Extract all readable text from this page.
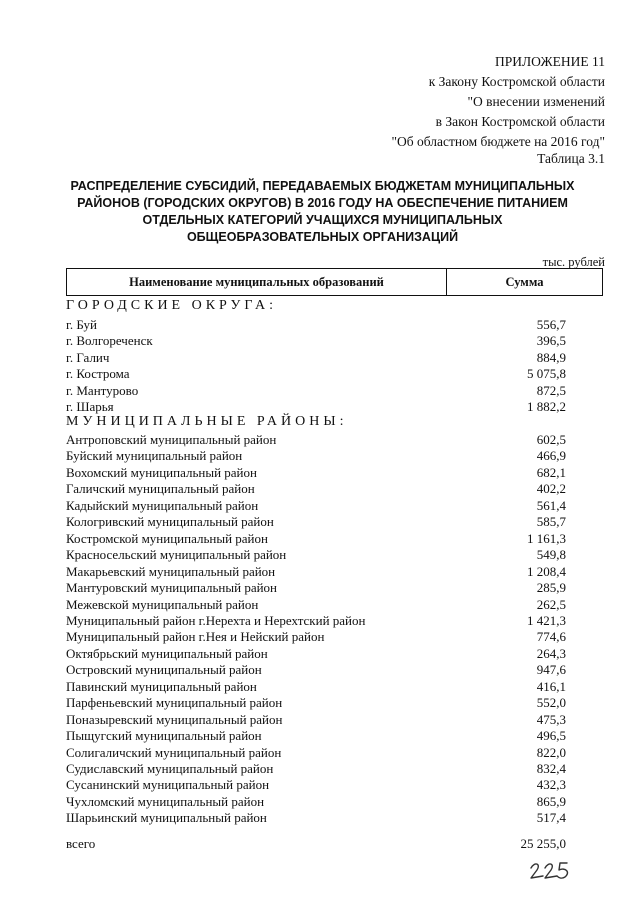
ПРИЛОЖЕНИЕ 11
к Закону Костромской области
"О внесении изменений
в Закон Костромской области
"Об областном бюджете на 2016 год"
Таблица 3.1
РАСПРЕДЕЛЕНИЕ СУБСИДИЙ, ПЕРЕДАВАЕМЫХ БЮДЖЕТАМ МУНИЦИПАЛЬНЫХ
РАЙОНОВ (ГОРОДСКИХ ОКРУГОВ) В 2016 ГОДУ НА ОБЕСПЕЧЕНИЕ ПИТАНИЕМ
ОТДЕЛЬНЫХ КАТЕГОРИЙ УЧАЩИХСЯ МУНИЦИПАЛЬНЫХ
ОБЩЕОБРАЗОВАТЕЛЬНЫХ ОРГАНИЗАЦИЙ
тыс. рублей
Наименование муниципальных образований	Сумма
ГОРОДСКИЕ ОКРУГА:
г. Буй	556,7
г. Волгореченск	396,5
г. Галич	884,9
г. Кострома	5 075,8
г. Мантурово	872,5
г. Шарья	1 882,2
МУНИЦИПАЛЬНЫЕ РАЙОНЫ:
Антроповский муниципальный район	602,5
Буйский муниципальный район	466,9
Вохомский муниципальный район	682,1
Галичский муниципальный район	402,2
Кадыйский муниципальный район	561,4
Кологривский муниципальный район	585,7
Костромской муниципальный район	1 161,3
Красносельский муниципальный район	549,8
Макарьевский муниципальный район	1 208,4
Мантуровский муниципальный район	285,9
Межевской муниципальный район	262,5
Муниципальный район г.Нерехта и Нерехтский район	1 421,3
Муниципальный район г.Нея и Нейский район	774,6
Октябрьский муниципальный район	264,3
Островский муниципальный район	947,6
Павинский муниципальный район	416,1
Парфеньевский муниципальный район	552,0
Поназыревский муниципальный район	475,3
Пыщугский муниципальный район	496,5
Солигаличский муниципальный район	822,0
Судиславский муниципальный район	832,4
Сусанинский муниципальный район	432,3
Чухломский муниципальный район	865,9
Шарьинский муниципальный район	517,4
всего	25 255,0
